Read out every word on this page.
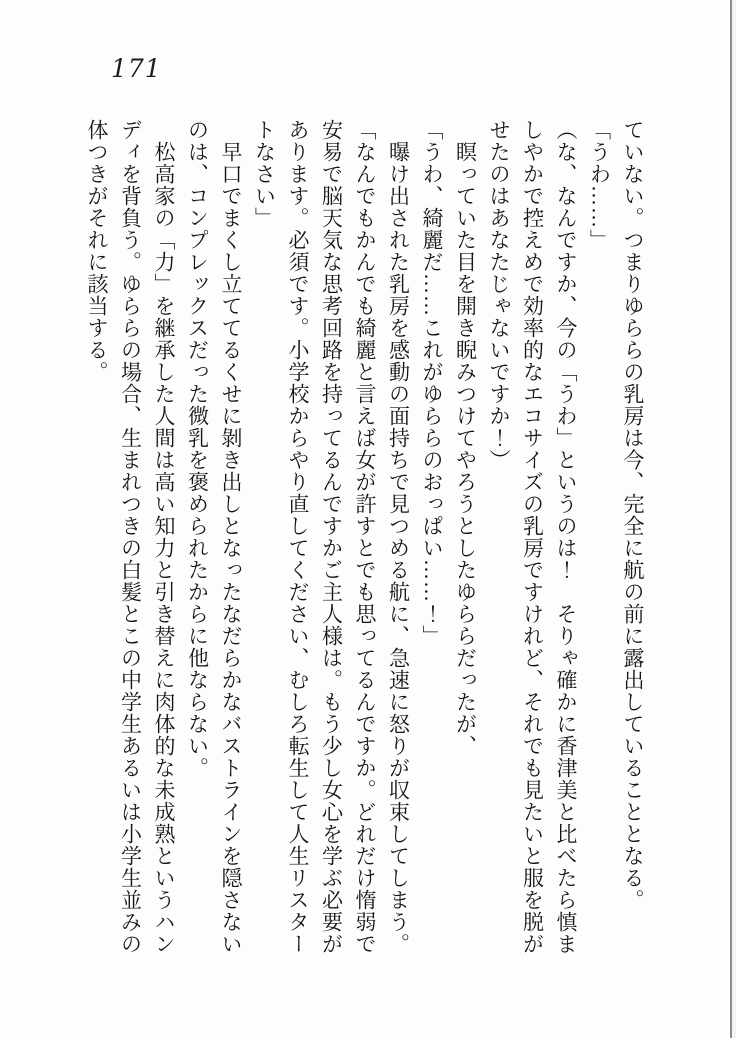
171
ていない。つまりゆららの乳房は今、完全に航の前に露出していることとなる。
「うわ……」
（な、なんですか、今の「うわ」というのは！　そりゃ確かに香津美と比べたら慎ま
しやかで控えめで効率的なエコサイズの乳房ですけれど、それでも見たいと服を脱が
せたのはあなたじゃないですか！）
　瞑っていた目を開き睨みつけてやろうとしたゆららだったが、
「うわ、綺麗だ……これがゆららのおっぱい……！」
　曝け出された乳房を感動の面持ちで見つめる航に、急速に怒りが収束してしまう。
「なんでもかんでも綺麗と言えば女が許すとでも思ってるんですか。どれだけ惰弱で
安易で脳天気な思考回路を持ってるんですかご主人様は。もう少し女心を学ぶ必要が
あります。必須です。小学校からやり直してください、むしろ転生して人生リスター
トなさい」
　早口でまくし立ててるくせに剝き出しとなったなだらかなバストラインを隠さない
のは、コンプレックスだった微乳を褒められたからに他ならない。
　松高家の「力」を継承した人間は高い知力と引き替えに肉体的な未成熟というハン
ディを背負う。ゆららの場合、生まれつきの白髪とこの中学生あるいは小学生並みの
体つきがそれに該当する。
